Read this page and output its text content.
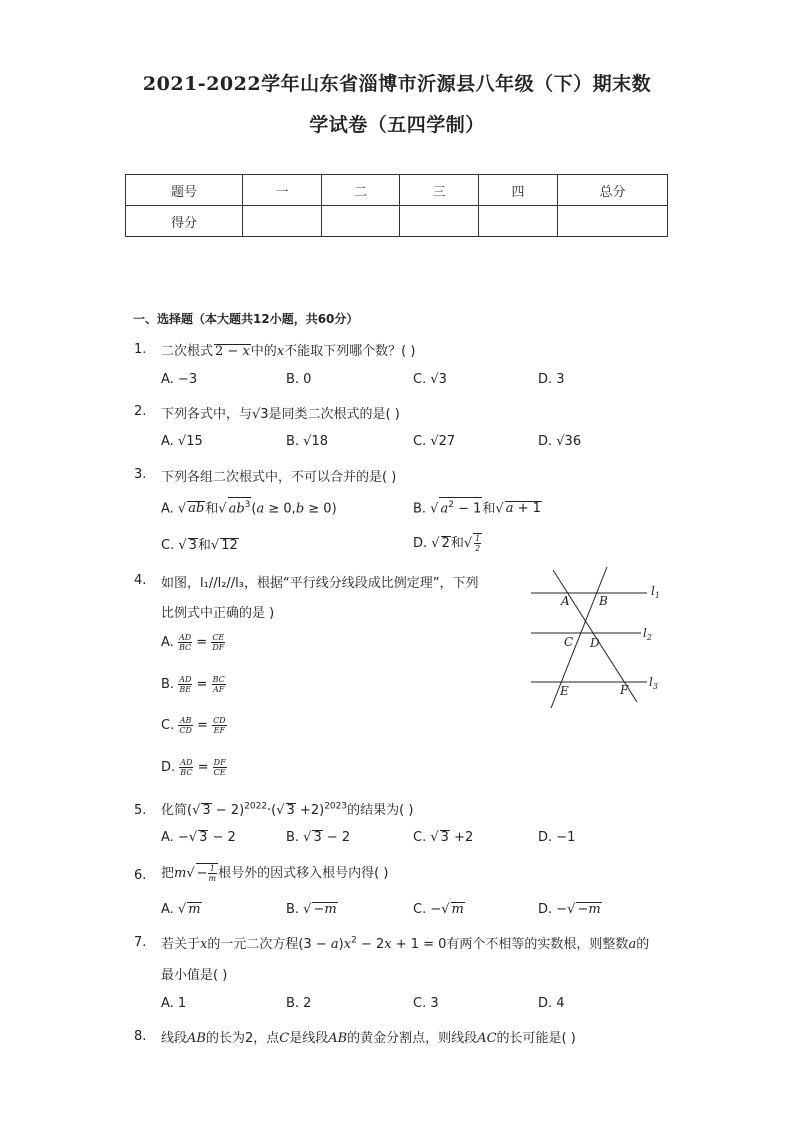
2021-2022学年山东省淄博市沂源县八年级（下）期末数
学试卷（五四学制）
题号	一	二	三	四	总分
得分					
一、选择题（本大题共12小题，共60分）
1. 二次根式 2 − x中的x不能取下列哪个数？( )
A. −3	B. 0	C. √3	D. 3
2. 下列各式中，与√3是同类二次根式的是( )
A. √15	B. √18	C. √27	D. √36
3. 下列各组二次根式中，不可以合并的是( )
A. √ ab和√ $ab^3(a \ge 0,b \ge 0)$	B. √ $a^2 - 1$和√ a + 1
C. √ 3和√ 12	D. √ 2和√ $\frac{1}{2}$
4. 如图，l₁//l₂//l₃，根据“平行线分线段成比例定理”，下列
比例式中正确的是 )
A. $\frac{AD}{BC} = \frac{CE}{DF}$
B. $\frac{AD}{BE} = \frac{BC}{AF}$
C. $\frac{AB}{CD} = \frac{CD}{EF}$
D. $\frac{AD}{BC} = \frac{DF}{CE}$
A B
C D
E	F
$l_1$
$l_2$
$l_3$
5. 化简(√ 3 − 2)$^{2022}$·(√ 3 +2)$^{2023}$的结果为( )
A. −√ 3 − 2	B. √ 3 − 2	C. √ 3 +2	D. −1
6. 把$m√ - \frac{1}{m}$ 根号外的因式移入根号内得( )
A. √ m	B. √ −m	C. −√ m	D. −√ −m
7. 若关于x的一元二次方程$(3 - a)x^2 - 2x + 1 = 0$有两个不相等的实数根，则整数a的
最小值是( )
A. 1	B. 2	C. 3	D. 4
8. 线段AB的长为2，点C是线段AB的黄金分割点，则线段AC的长可能是( )
